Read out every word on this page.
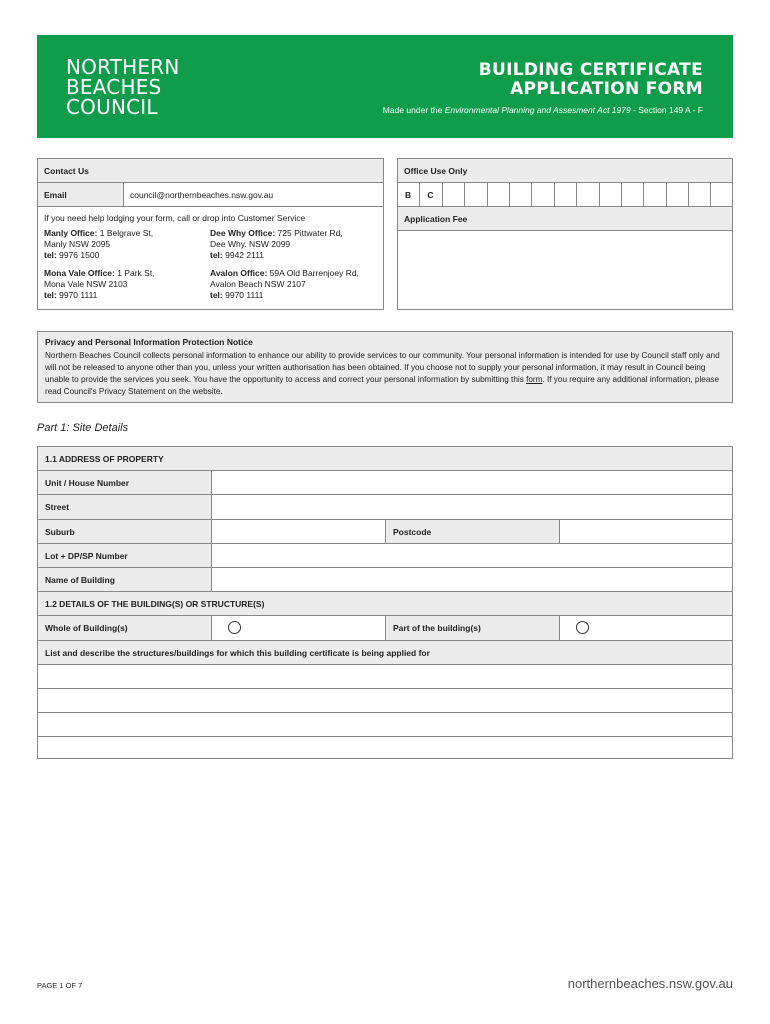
NORTHERN
BEACHES
COUNCIL
BUILDING CERTIFICATE
APPLICATION FORM
Made under the Environmental Planning and Assesment Act 1979 - Section 149 A - F
Contact Us
Email	council@northernbeaches.nsw.gov.au
If you need help lodging your form, call or drop into Customer Service
Manly Office: 1 Belgrave St,
Manly NSW 2095
tel: 9976 1500
Dee Why Office: 725 Pittwater Rd,
Dee Why. NSW 2099
tel: 9942 2111
Mona Vale Office: 1 Park St,
Mona Vale NSW 2103
tel: 9970 1111
Avalon Office: 59A Old Barrenjoey Rd,
Avalon Beach NSW 2107
tel: 9970 1111
Office Use Only
B	C
Application Fee
Privacy and Personal Information Protection Notice

Northern Beaches Council collects personal information to enhance our ability to provide services to our community. Your personal information is intended for use by Council staff only and will not be released to anyone other than you, unless your written authorisation has been obtained. If you choose not to supply your personal information, it may result in Council being unable to provide the services you seek. You have the opportunity to access and correct your personal information by submitting this form. If you require any additional information, please read Council's Privacy Statement on the website.

Part 1: Site Details
1.1 ADDRESS OF PROPERTY
Unit / House Number
Street
Suburb	Postcode
Lot + DP/SP Number
Name of Building
1.2 DETAILS OF THE BUILDING(S) OR STRUCTURE(S)
Whole of Building(s)	Part of the building(s)
List and describe the structures/buildings for which this building certificate is being applied for
PAGE 1 OF 7	northernbeaches.nsw.gov.au
